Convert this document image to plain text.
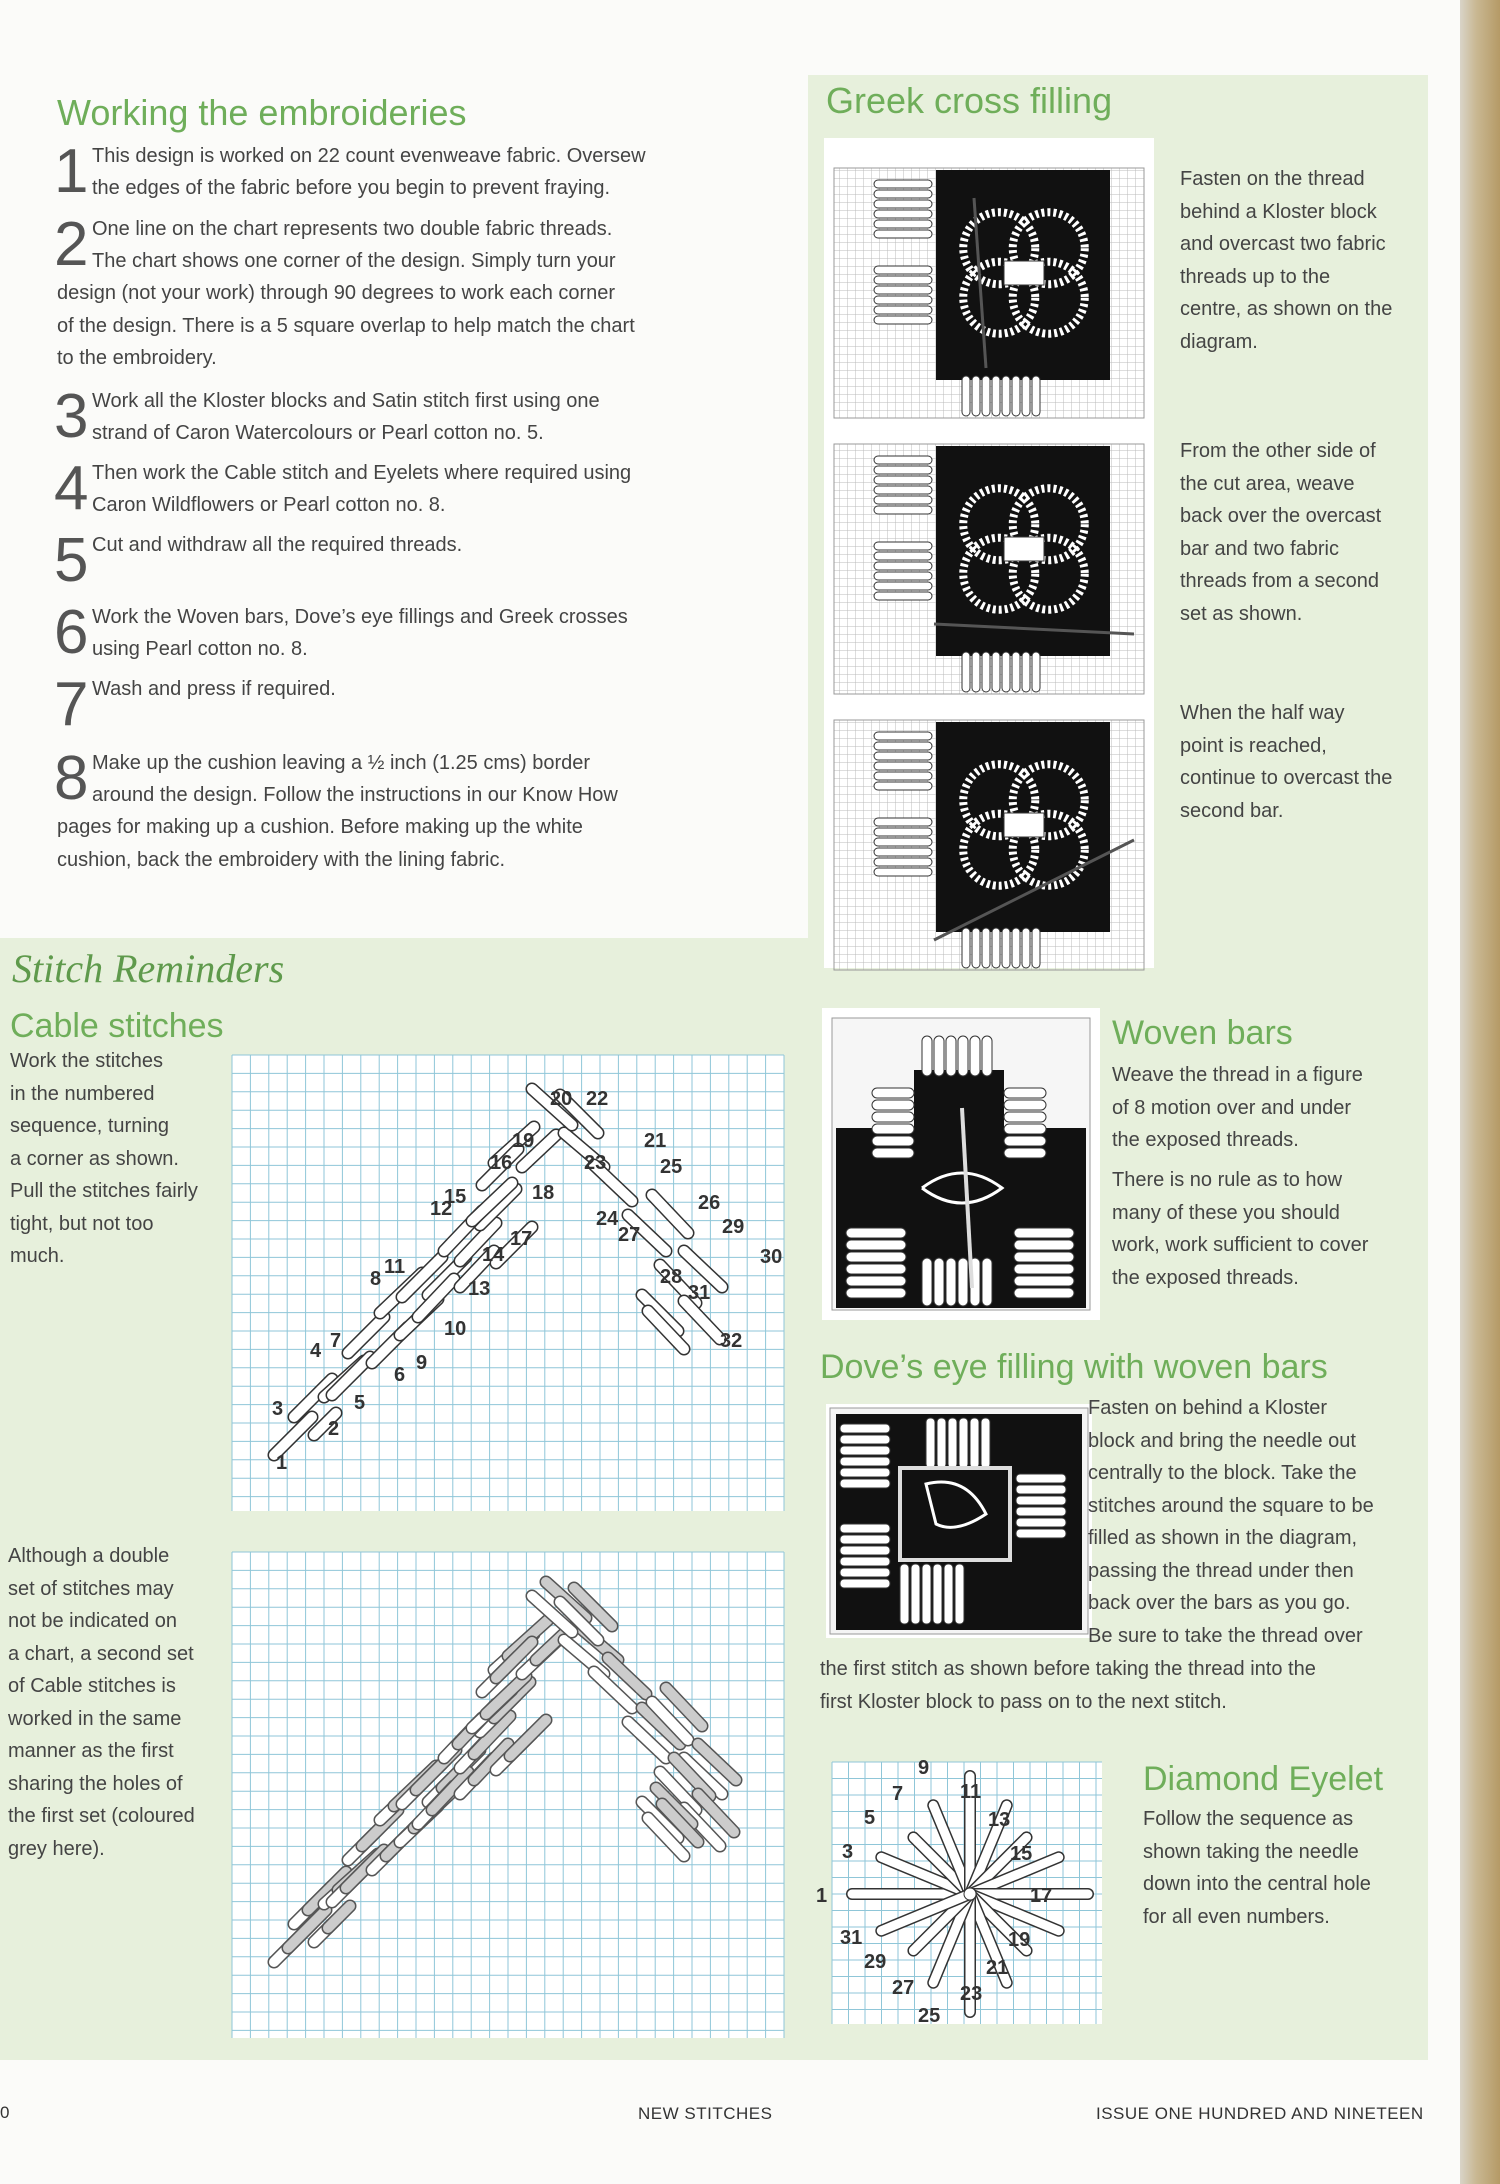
Working the embroideries
1 This design is worked on 22 count evenweave fabric. Oversew
the edges of the fabric before you begin to prevent fraying.
2 One line on the chart represents two double fabric threads.
The chart shows one corner of the design. Simply turn your
design (not your work) through 90 degrees to work each corner
of the design. There is a 5 square overlap to help match the chart
to the embroidery.
3 Work all the Kloster blocks and Satin stitch first using one
strand of Caron Watercolours or Pearl cotton no. 5.
4 Then work the Cable stitch and Eyelets where required using
Caron Wildflowers or Pearl cotton no. 8.
5 Cut and withdraw all the required threads.
6 Work the Woven bars, Dove’s eye fillings and Greek crosses
using Pearl cotton no. 8.
7 Wash and press if required.
8 Make up the cushion leaving a ½ inch (1.25 cms) border
around the design. Follow the instructions in our Know How
pages for making up a cushion. Before making up the white
cushion, back the embroidery with the lining fabric.
Greek cross filling
Fasten on the thread
behind a Kloster block
and overcast two fabric
threads up to the
centre, as shown on the
diagram.
From the other side of
the cut area, weave
back over the overcast
bar and two fabric
threads from a second
set as shown.
When the half way
point is reached,
continue to overcast the
second bar.
Stitch Reminders
Cable stitches
Work the stitches
in the numbered
sequence, turning
a corner as shown.
Pull the stitches fairly
tight, but not too
much.
Although a double
set of stitches may
not be indicated on
a chart, a second set
of Cable stitches is
worked in the same
manner as the first
sharing the holes of
the first set (coloured
grey here).
1
2
3
4
5
6
7
8
9
10
11
12
13
14
15
16
17
18
19
20
21
22
23
24
25
26
27
28
29
30
31
32
Woven bars
Weave the thread in a figure
of 8 motion over and under
the exposed threads.
There is no rule as to how
many of these you should
work, work sufficient to cover
the exposed threads.
Dove’s eye filling with woven bars
Fasten on behind a Kloster
block and bring the needle out
centrally to the block. Take the
stitches around the square to be
filled as shown in the diagram,
passing the thread under then
back over the bars as you go.
Be sure to take the thread over
the first stitch as shown before taking the thread into the
first Kloster block to pass on to the next stitch.
1
3
5
7
9
11
13
15
17
19
21
23
25
27
29
31
Diamond Eyelet
Follow the sequence as
shown taking the needle
down into the central hole
for all even numbers.
0	NEW STITCHES	ISSUE ONE HUNDRED AND NINETEEN
